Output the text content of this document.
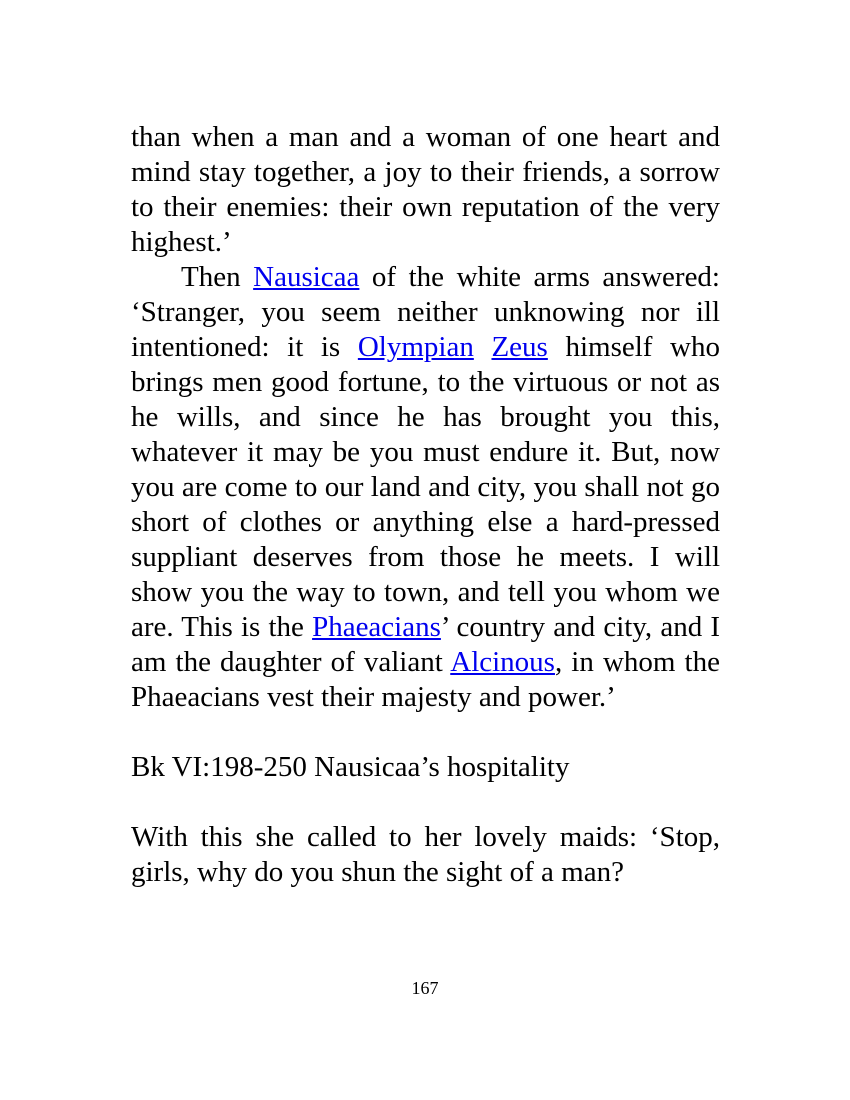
than when a man and a woman of one heart and mind stay together, a joy to their friends, a sorrow to their enemies: their own reputation of the very highest.’

Then Nausicaa of the white arms answered: ‘Stranger, you seem neither unknowing nor ill intentioned: it is Olympian Zeus himself who brings men good fortune, to the virtuous or not as he wills, and since he has brought you this, whatever it may be you must endure it. But, now you are come to our land and city, you shall not go short of clothes or anything else a hard-pressed suppliant deserves from those he meets. I will show you the way to town, and tell you whom we are. This is the Phaeacians’ country and city, and I am the daughter of valiant Alcinous, in whom the Phaeacians vest their majesty and power.’

Bk VI:198-250 Nausicaa’s hospitality

With this she called to her lovely maids: ‘Stop, girls, why do you shun the sight of a man?

167
